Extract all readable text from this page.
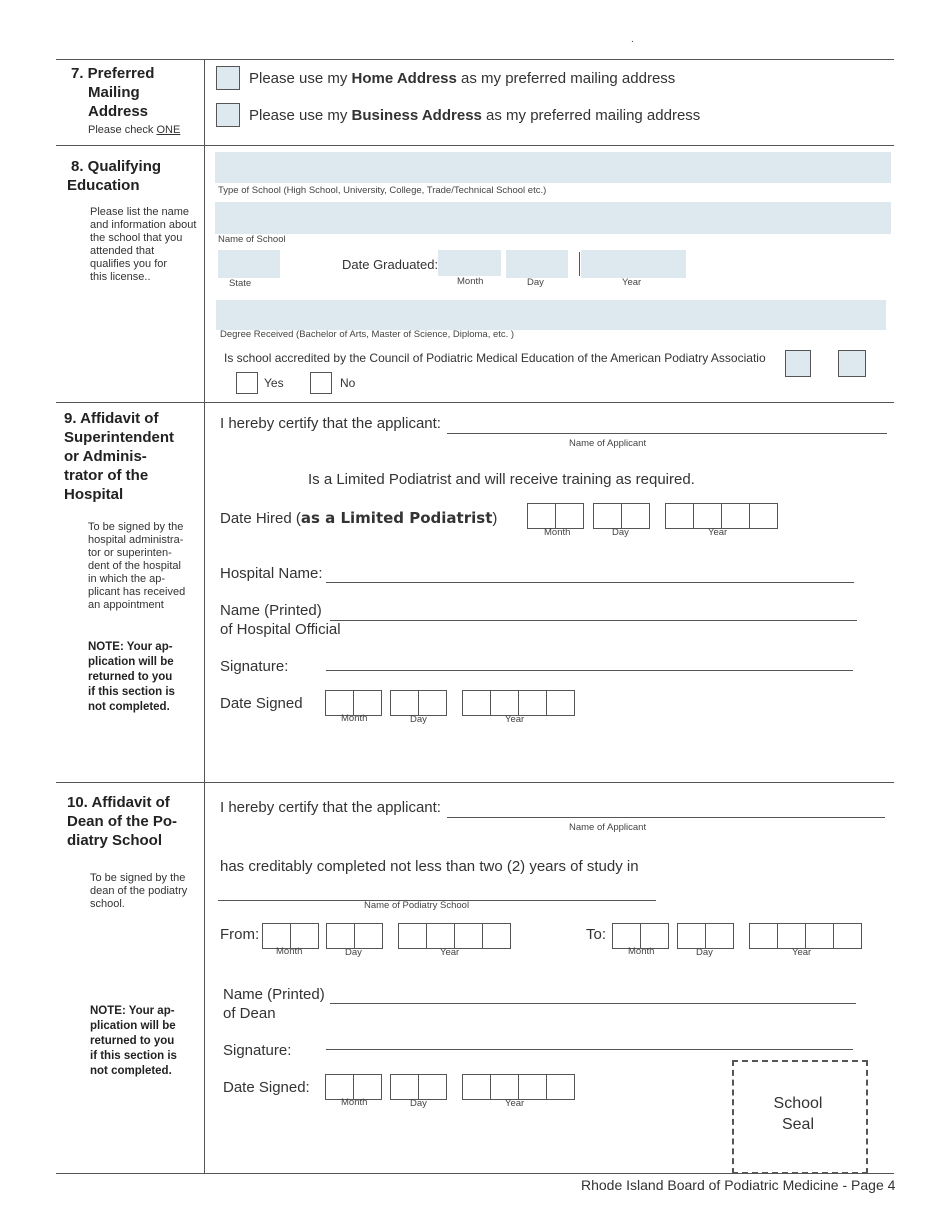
.
7. Preferred
Mailing
Address
Please check ONE
Please use my Home Address as my preferred mailing address
Please use my Business Address as my preferred mailing address
8. Qualifying
Education
Please list the name
and information about
the school that you
attended that
qualifies you for
this license..
Type of School (High School, University, College, Trade/Technical School etc.)
Name of School
State
Date Graduated:
Month	Day	Year
Degree Received (Bachelor of Arts, Master of Science, Diploma, etc. )
Is school accredited by the Council of Podiatric Medical Education of the American Podiatry Associatio
Yes	No
9. Affidavit of
Superintendent
or Adminis-
trator of the
Hospital
To be signed by the
hospital administra-
tor or superinten-
dent of the hospital
in which the ap-
plicant has received
an appointment
NOTE: Your ap-
plication will be
returned to you
if this section is
not completed.
I hereby certify that the applicant:
Name of Applicant
Is a Limited Podiatrist and will receive training as required.
Date Hired (as a Limited Podiatrist)
Month	Day	Year
Hospital Name:
Name (Printed)
of Hospital Official
Signature:
Date Signed
Month	Day	Year
10. Affidavit of
Dean of the Po-
diatry School
To be signed by the
dean of the podiatry
school.
NOTE: Your ap-
plication will be
returned to you
if this section is
not completed.
I hereby certify that the applicant:
Name of Applicant
has creditably completed not less than two (2) years of study in
Name of Podiatry School
From:
Month	Day	Year
To:
Month	Day	Year
Name (Printed)
of Dean
Signature:
Date Signed:
Month	Day	Year	School
Seal
Rhode Island Board of Podiatric Medicine - Page 4
